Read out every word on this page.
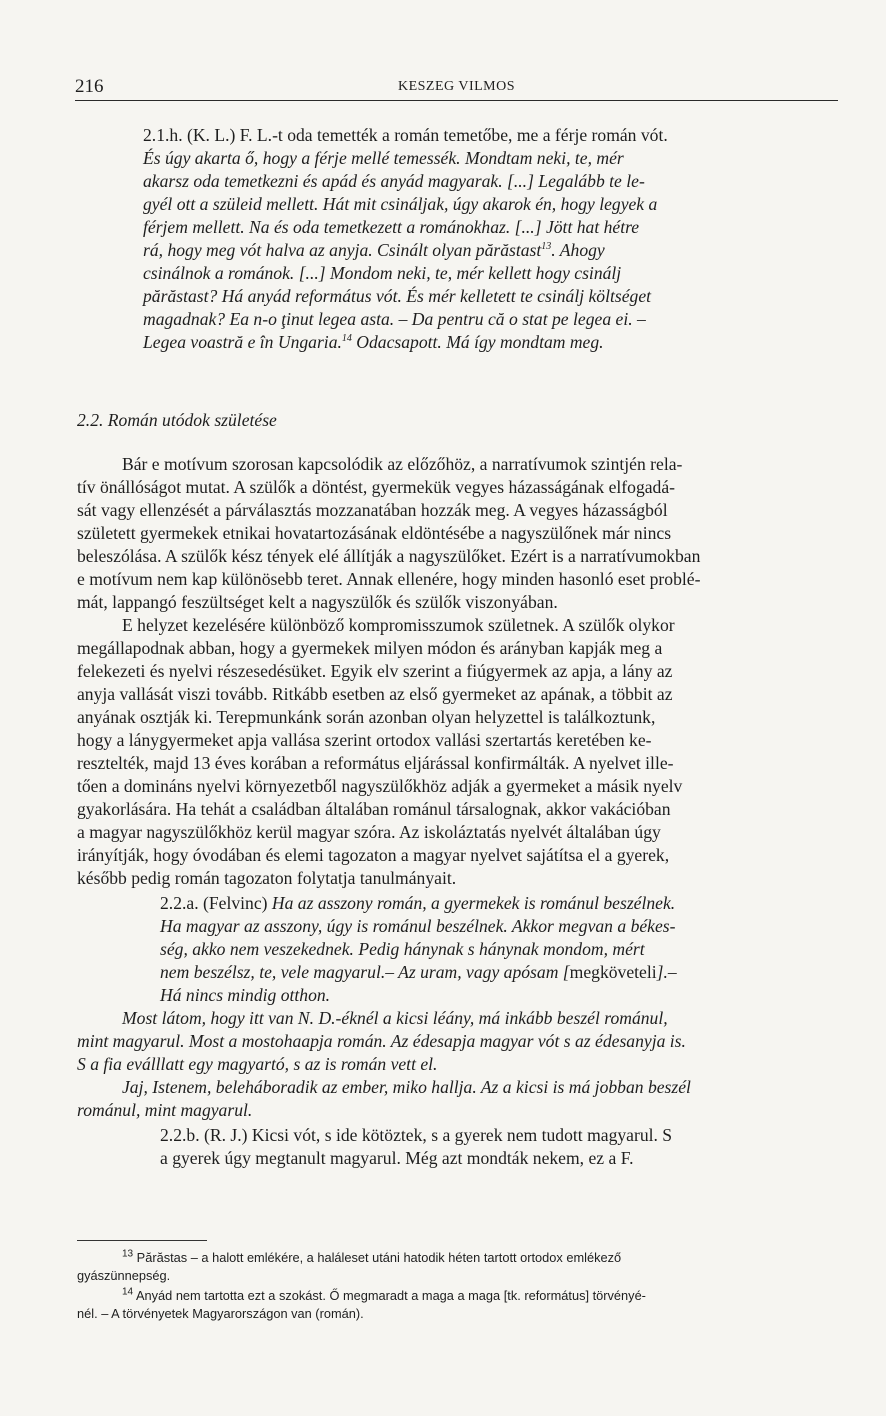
216	KESZEG VILMOS
2.1.h. (K. L.) F. L.-t oda temették a román temetőbe, me a férje román vót.
És úgy akarta ő, hogy a férje mellé temessék. Mondtam neki, te, mér
akarsz oda temetkezni és apád és anyád magyarak. [...] Legalább te le-
gyél ott a szüleid mellett. Hát mit csináljak, úgy akarok én, hogy legyek a
férjem mellett. Na és oda temetkezett a románokhaz. [...] Jött hat hétre
rá, hogy meg vót halva az anyja. Csinált olyan părăstast$^{13}$. Ahogy
csinálnok a románok. [...] Mondom neki, te, mér kellett hogy csinálj
părăstast? Há anyád református vót. És mér kelletett te csinálj költséget
magadnak? Ea n-o ţinut legea asta. – Da pentru că o stat pe legea ei. –
Legea voastră e în Ungaria.$^{14}$ Odacsapott. Má így mondtam meg.
2.2. Román utódok születése
Bár e motívum szorosan kapcsolódik az előzőhöz, a narratívumok szintjén rela-
tív önállóságot mutat. A szülők a döntést, gyermekük vegyes házasságának elfogadá-
sát vagy ellenzését a párválasztás mozzanatában hozzák meg. A vegyes házasságból
született gyermekek etnikai hovatartozásának eldöntésébe a nagyszülőnek már nincs
beleszólása. A szülők kész tények elé állítják a nagyszülőket. Ezért is a narratívumokban
e motívum nem kap különösebb teret. Annak ellenére, hogy minden hasonló eset problé-
mát, lappangó feszültséget kelt a nagyszülők és szülők viszonyában.
E helyzet kezelésére különböző kompromisszumok születnek. A szülők olykor
megállapodnak abban, hogy a gyermekek milyen módon és arányban kapják meg a
felekezeti és nyelvi részesedésüket. Egyik elv szerint a fiúgyermek az apja, a lány az
anyja vallását viszi tovább. Ritkább esetben az első gyermeket az apának, a többit az
anyának osztják ki. Terepmunkánk során azonban olyan helyzettel is találkoztunk,
hogy a lánygyermeket apja vallása szerint ortodox vallási szertartás keretében ke-
resztelték, majd 13 éves korában a református eljárással konfirmálták. A nyelvet ille-
tően a domináns nyelvi környezetből nagyszülőkhöz adják a gyermeket a másik nyelv
gyakorlására. Ha tehát a családban általában románul társalognak, akkor vakációban
a magyar nagyszülőkhöz kerül magyar szóra. Az iskoláztatás nyelvét általában úgy
irányítják, hogy óvodában és elemi tagozaton a magyar nyelvet sajátítsa el a gyerek,
később pedig román tagozaton folytatja tanulmányait.
2.2.a. (Felvinc) Ha az asszony román, a gyermekek is románul beszélnek.
Ha magyar az asszony, úgy is románul beszélnek. Akkor megvan a békes-
ség, akko nem veszekednek. Pedig hánynak s hánynak mondom, mért
nem beszélsz, te, vele magyarul.– Az uram, vagy apósam [megköveteli].–
Há nincs mindig otthon.
Most látom, hogy itt van N. D.-éknél a kicsi léány, má inkább beszél románul,
mint magyarul. Most a mostohaapja román. Az édesapja magyar vót s az édesanyja is.
S a fia eválllatt egy magyartó, s az is román vett el.
Jaj, Istenem, beleháboradik az ember, miko hallja. Az a kicsi is má jobban beszél
románul, mint magyarul.
2.2.b. (R. J.) Kicsi vót, s ide kötöztek, s a gyerek nem tudott magyarul. S
a gyerek úgy megtanult magyarul. Még azt mondták nekem, ez a F.
$^{13}$ Părăstas – a halott emlékére, a haláleset utáni hatodik héten tartott ortodox emlékező
gyászünnepség.
$^{14}$ Anyád nem tartotta ezt a szokást. Ő megmaradt a maga a maga [tk. református] törvényé-
nél. – A törvényetek Magyarországon van (román).
